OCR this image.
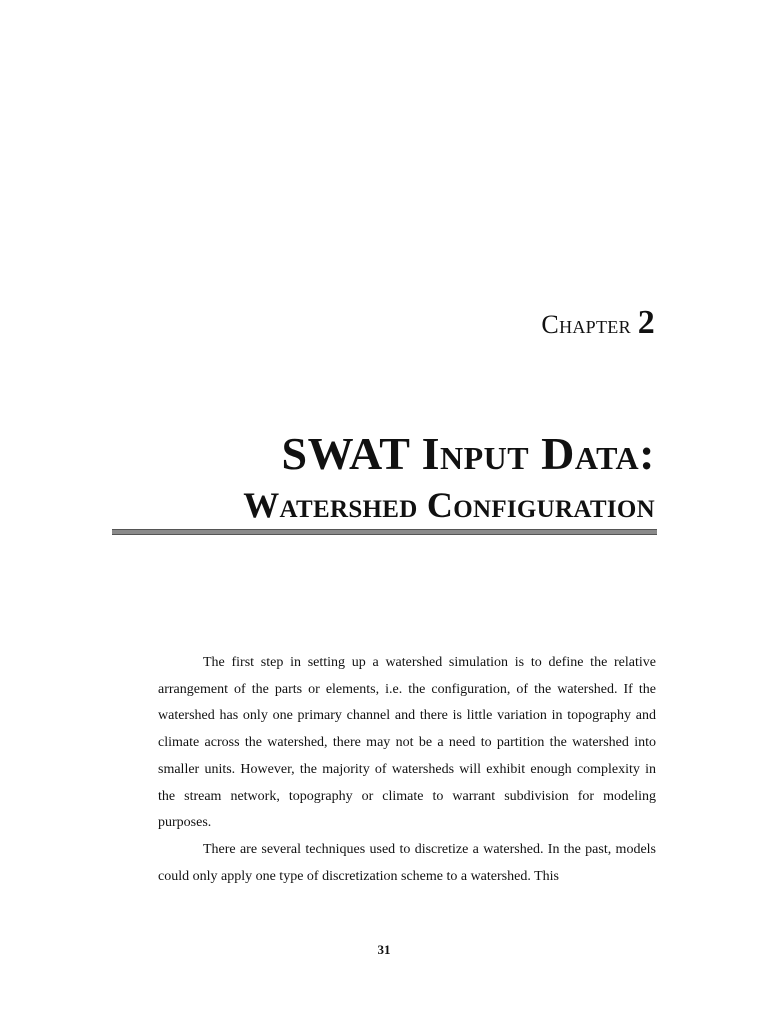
Chapter 2
SWAT Input Data:
Watershed Configuration

The first step in setting up a watershed simulation is to define the relative arrangement of the parts or elements, i.e. the configuration, of the watershed. If the watershed has only one primary channel and there is little variation in topography and climate across the watershed, there may not be a need to partition the watershed into smaller units. However, the majority of watersheds will exhibit enough complexity in the stream network, topography or climate to warrant subdivision for modeling purposes.

There are several techniques used to discretize a watershed. In the past, models could only apply one type of discretization scheme to a watershed. This

31
